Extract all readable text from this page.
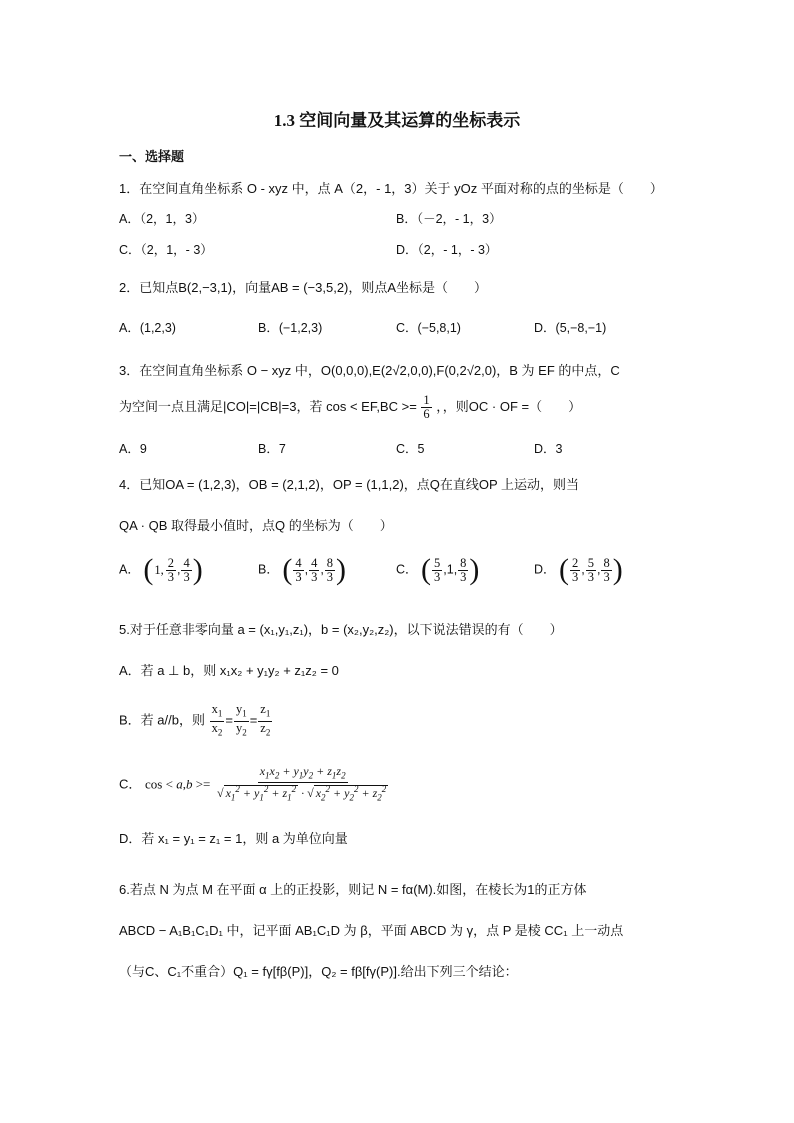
1.3 空间向量及其运算的坐标表示
一、选择题
1．在空间直角坐标系 O - xyz 中，点 A（2，- 1，3）关于 yOz 平面对称的点的坐标是（　　）
A．（2，1，3）	B．（－2，- 1，3）
C．（2，1，- 3）	D．（2，- 1，- 3）
2．已知点B(2,−3,1)，向量AB = (−3,5,2)，则点A坐标是（　　）
A．(1,2,3)	B．(−1,2,3)	C．(−5,8,1)	D．(5,−8,−1)
3．在空间直角坐标系 O − xyz 中，O(0,0,0),E(2√2,0,0),F(0,2√2,0)，B 为 EF 的中点，C
为空间一点且满足|CO|=|CB|=3，若 $\cos < EF,BC >= \frac{1}{6}$ ，，则OC · OF =（　　）
A．9	B．7	C．5	D．3
4．已知OA = (1,2,3)，OB = (2,1,2)，OP = (1,1,2)，点Q在直线OP 上运动，则当
QA · QB 取得最小值时，点Q 的坐标为（　　）
A． ( 1, $\frac{2}{3}$ , $\frac{4}{3}$ )	B． ( $\frac{4}{3}$ , $\frac{4}{3}$ , $\frac{8}{3}$ )	C． ( $\frac{5}{3} ,1$, $\frac{8}{3}$ )	D． ( $\frac{2}{3}$ , $\frac{5}{3}$ , $\frac{8}{3}$ )
5.对于任意非零向量 a = (x₁,y₁,z₁)，b = (x₂,y₂,z₂)，以下说法错误的有（　　）
A．若 a ⊥ b，则 x₁x₂ + y₁y₂ + z₁z₂ = 0
B．若 a//b，则 $\frac{x_1}{x_2} = \frac{y_1}{y_2} = \frac{z_1}{z_2}$
C． $\cos < a,b >= \frac{x_1x_2 + y_1y_2 + z_1z_2}{√ x_1^2 + y_1^2 + z_1^2 \cdot √ x_2^2 + y_2^2 + z_2^2}$
D．若 x₁ = y₁ = z₁ = 1，则 a 为单位向量
6.若点 N 为点 M 在平面 α 上的正投影，则记 N = fα(M).如图，在棱长为1的正方体
ABCD − A₁B₁C₁D₁ 中，记平面 AB₁C₁D 为 β，平面 ABCD 为 γ，点 P 是棱 CC₁ 上一动点
（与C、C₁不重合）Q₁ = fγ[fβ(P)]，Q₂ = fβ[fγ(P)].给出下列三个结论：
